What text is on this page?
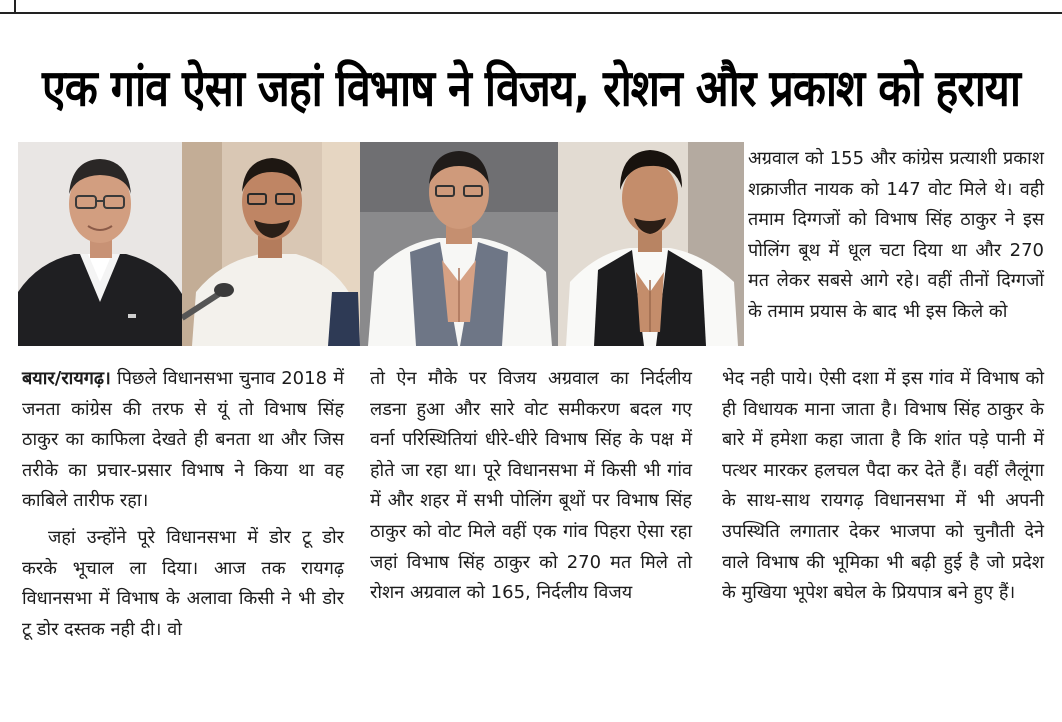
एक गांव ऐसा जहां विभाष ने विजय, रोशन और प्रकाश को हराया

अग्रवाल को 155 और कांग्रेस प्रत्याशी प्रकाश शक्राजीत नायक को 147 वोट मिले थे। वही तमाम दिग्गजों को विभाष सिंह ठाकुर ने इस पोलिंग बूथ में धूल चटा दिया था और 270 मत लेकर सबसे आगे रहे। वहीं तीनों दिग्गजों के तमाम प्रयास के बाद भी इस किले को

बयार/रायगढ़। पिछले विधानसभा चुनाव 2018 में जनता कांग्रेस की तरफ से यूं तो विभाष सिंह ठाकुर का काफिला देखते ही बनता था और जिस तरीके का प्रचार-प्रसार विभाष ने किया था वह काबिले तारीफ रहा।

जहां उन्होंने पूरे विधानसभा में डोर टू डोर करके भूचाल ला दिया। आज तक रायगढ़ विधानसभा में विभाष के अलावा किसी ने भी डोर टू डोर दस्तक नही दी। वो

तो ऐन मौके पर विजय अग्रवाल का निर्दलीय लडना हुआ और सारे वोट समीकरण बदल गए वर्ना परिस्थितियां धीरे-धीरे विभाष सिंह के पक्ष में होते जा रहा था। पूरे विधानसभा में किसी भी गांव में और शहर में सभी पोलिंग बूथों पर विभाष सिंह ठाकुर को वोट मिले वहीं एक गांव पिहरा ऐसा रहा जहां विभाष सिंह ठाकुर को 270 मत मिले तो रोशन अग्रवाल को 165, निर्दलीय विजय

भेद नही पाये। ऐसी दशा में इस गांव में विभाष को ही विधायक माना जाता है। विभाष सिंह ठाकुर के बारे में हमेशा कहा जाता है कि शांत पड़े पानी में पत्थर मारकर हलचल पैदा कर देते हैं। वहीं लैलूंगा के साथ-साथ रायगढ़ विधानसभा में भी अपनी उपस्थिति लगातार देकर भाजपा को चुनौती देने वाले विभाष की भूमिका भी बढ़ी हुई है जो प्रदेश के मुखिया भूपेश बघेल के प्रियपात्र बने हुए हैं।
